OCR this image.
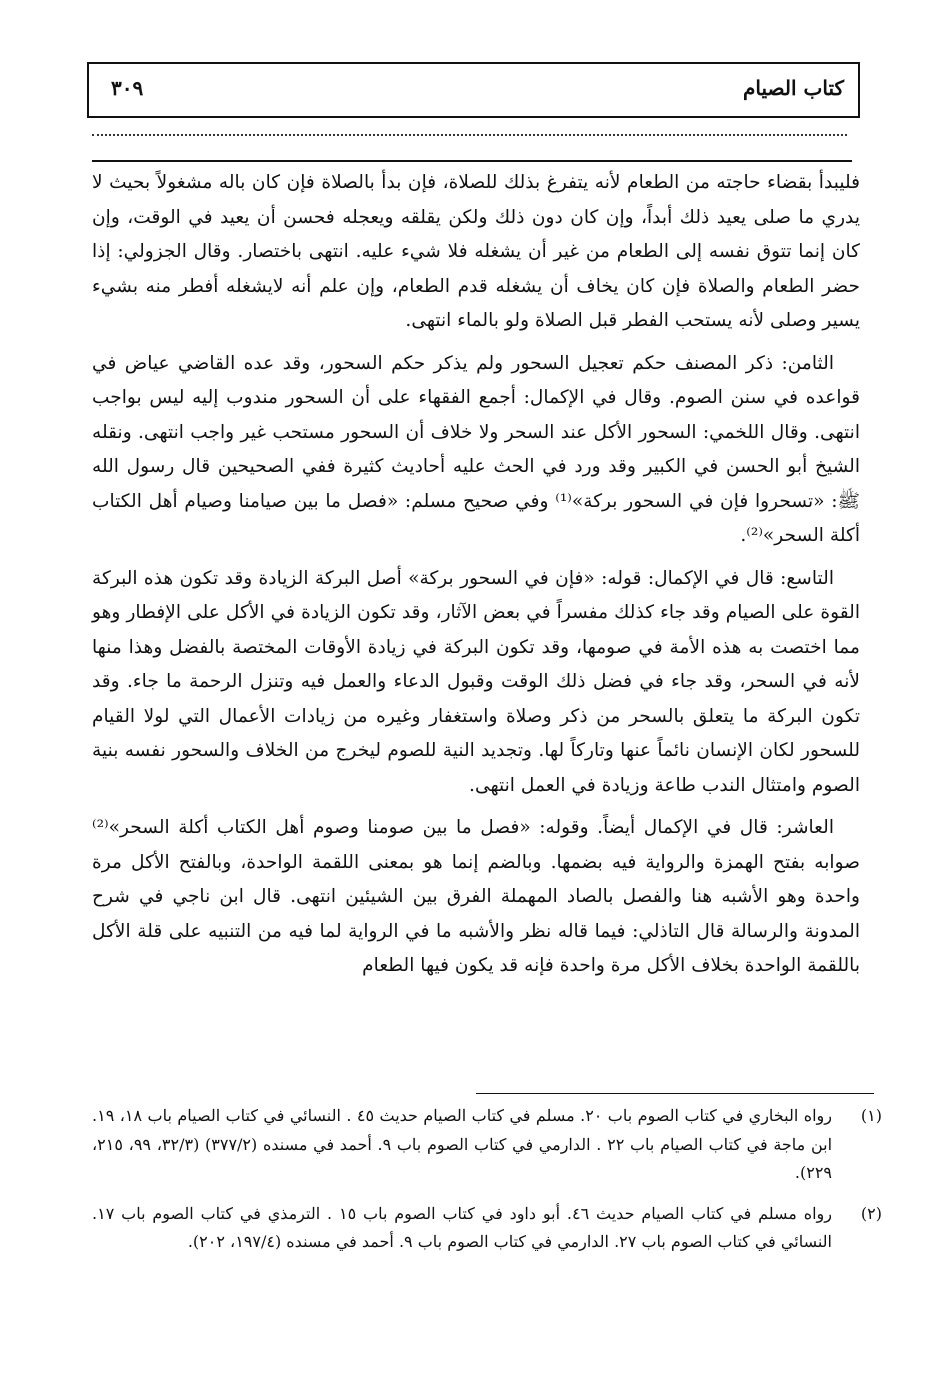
كتاب الصيام
٣٠٩

فليبدأ بقضاء حاجته من الطعام لأنه يتفرغ بذلك للصلاة، فإن بدأ بالصلاة فإن كان باله مشغولاً بحيث لا يدري ما صلى يعيد ذلك أبداً، وإن كان دون ذلك ولكن يقلقه ويعجله فحسن أن يعيد في الوقت، وإن كان إنما تتوق نفسه إلى الطعام من غير أن يشغله فلا شيء عليه. انتهى باختصار. وقال الجزولي: إذا حضر الطعام والصلاة فإن كان يخاف أن يشغله قدم الطعام، وإن علم أنه لايشغله أفطر منه بشيء يسير وصلى لأنه يستحب الفطر قبل الصلاة ولو بالماء انتهى.

الثامن: ذكر المصنف حكم تعجيل السحور ولم يذكر حكم السحور، وقد عده القاضي عياض في قواعده في سنن الصوم. وقال في الإكمال: أجمع الفقهاء على أن السحور مندوب إليه ليس بواجب انتهى. وقال اللخمي: السحور الأكل عند السحر ولا خلاف أن السحور مستحب غير واجب انتهى. ونقله الشيخ أبو الحسن في الكبير وقد ورد في الحث عليه أحاديث كثيرة ففي الصحيحين قال رسول الله ﷺ: «تسحروا فإن في السحور بركة»⁽¹⁾ وفي صحيح مسلم: «فصل ما بين صيامنا وصيام أهل الكتاب أكلة السحر»⁽²⁾.

التاسع: قال في الإكمال: قوله: «فإن في السحور بركة» أصل البركة الزيادة وقد تكون هذه البركة القوة على الصيام وقد جاء كذلك مفسراً في بعض الآثار، وقد تكون الزيادة في الأكل على الإفطار وهو مما اختصت به هذه الأمة في صومها، وقد تكون البركة في زيادة الأوقات المختصة بالفضل وهذا منها لأنه في السحر، وقد جاء في فضل ذلك الوقت وقبول الدعاء والعمل فيه وتنزل الرحمة ما جاء. وقد تكون البركة ما يتعلق بالسحر من ذكر وصلاة واستغفار وغيره من زيادات الأعمال التي لولا القيام للسحور لكان الإنسان نائماً عنها وتاركاً لها. وتجديد النية للصوم ليخرج من الخلاف والسحور نفسه بنية الصوم وامتثال الندب طاعة وزيادة في العمل انتهى.

العاشر: قال في الإكمال أيضاً. وقوله: «فصل ما بين صومنا وصوم أهل الكتاب أكلة السحر»⁽²⁾ صوابه بفتح الهمزة والرواية فيه بضمها. وبالضم إنما هو بمعنى اللقمة الواحدة، وبالفتح الأكل مرة واحدة وهو الأشبه هنا والفصل بالصاد المهملة الفرق بين الشيئين انتهى. قال ابن ناجي في شرح المدونة والرسالة قال التاذلي: فيما قاله نظر والأشبه ما في الرواية لما فيه من التنبيه على قلة الأكل باللقمة الواحدة بخلاف الأكل مرة واحدة فإنه قد يكون فيها الطعام

(١)
رواه البخاري في كتاب الصوم باب ٢٠. مسلم في كتاب الصيام حديث ٤٥ . النسائي في كتاب الصيام باب ١٨، ١٩. ابن ماجة في كتاب الصيام باب ٢٢ . الدارمي في كتاب الصوم باب ٩. أحمد في مسنده (٣٧٧/٢) (٣٢/٣، ٩٩، ٢١٥، ٢٢٩).
(٢)
رواه مسلم في كتاب الصيام حديث ٤٦. أبو داود في كتاب الصوم باب ١٥ . الترمذي في كتاب الصوم باب ١٧. النسائي في كتاب الصوم باب ٢٧. الدارمي في كتاب الصوم باب ٩. أحمد في مسنده (١٩٧/٤، ٢٠٢).
